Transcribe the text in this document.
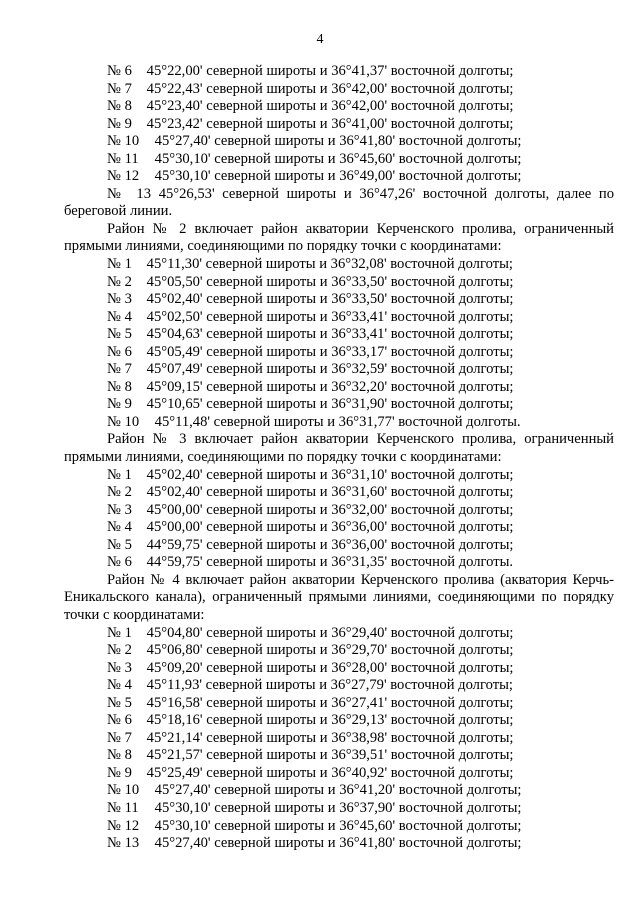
4
№ 6 45°22,00' северной широты и 36°41,37' восточной долготы;
№ 7 45°22,43' северной широты и 36°42,00' восточной долготы;
№ 8 45°23,40' северной широты и 36°42,00' восточной долготы;
№ 9 45°23,42' северной широты и 36°41,00' восточной долготы;
№ 10 45°27,40' северной широты и 36°41,80' восточной долготы;
№ 11 45°30,10' северной широты и 36°45,60' восточной долготы;
№ 12 45°30,10' северной широты и 36°49,00' восточной долготы;
№ 13 45°26,53' северной широты и 36°47,26' восточной долготы, далее по
береговой линии.
Район № 2 включает район акватории Керченского пролива, ограниченный
прямыми линиями, соединяющими по порядку точки с координатами:
№ 1 45°11,30' северной широты и 36°32,08' восточной долготы;
№ 2 45°05,50' северной широты и 36°33,50' восточной долготы;
№ 3 45°02,40' северной широты и 36°33,50' восточной долготы;
№ 4 45°02,50' северной широты и 36°33,41' восточной долготы;
№ 5 45°04,63' северной широты и 36°33,41' восточной долготы;
№ 6 45°05,49' северной широты и 36°33,17' восточной долготы;
№ 7 45°07,49' северной широты и 36°32,59' восточной долготы;
№ 8 45°09,15' северной широты и 36°32,20' восточной долготы;
№ 9 45°10,65' северной широты и 36°31,90' восточной долготы;
№ 10 45°11,48' северной широты и 36°31,77' восточной долготы.
Район № 3 включает район акватории Керченского пролива, ограниченный
прямыми линиями, соединяющими по порядку точки с координатами:
№ 1 45°02,40' северной широты и 36°31,10' восточной долготы;
№ 2 45°02,40' северной широты и 36°31,60' восточной долготы;
№ 3 45°00,00' северной широты и 36°32,00' восточной долготы;
№ 4 45°00,00' северной широты и 36°36,00' восточной долготы;
№ 5 44°59,75' северной широты и 36°36,00' восточной долготы;
№ 6 44°59,75' северной широты и 36°31,35' восточной долготы.
Район № 4 включает район акватории Керченского пролива (акватория Керчь-
Еникальского канала), ограниченный прямыми линиями, соединяющими по порядку
точки с координатами:
№ 1 45°04,80' северной широты и 36°29,40' восточной долготы;
№ 2 45°06,80' северной широты и 36°29,70' восточной долготы;
№ 3 45°09,20' северной широты и 36°28,00' восточной долготы;
№ 4 45°11,93' северной широты и 36°27,79' восточной долготы;
№ 5 45°16,58' северной широты и 36°27,41' восточной долготы;
№ 6 45°18,16' северной широты и 36°29,13' восточной долготы;
№ 7 45°21,14' северной широты и 36°38,98' восточной долготы;
№ 8 45°21,57' северной широты и 36°39,51' восточной долготы;
№ 9 45°25,49' северной широты и 36°40,92' восточной долготы;
№ 10 45°27,40' северной широты и 36°41,20' восточной долготы;
№ 11 45°30,10' северной широты и 36°37,90' восточной долготы;
№ 12 45°30,10' северной широты и 36°45,60' восточной долготы;
№ 13 45°27,40' северной широты и 36°41,80' восточной долготы;
